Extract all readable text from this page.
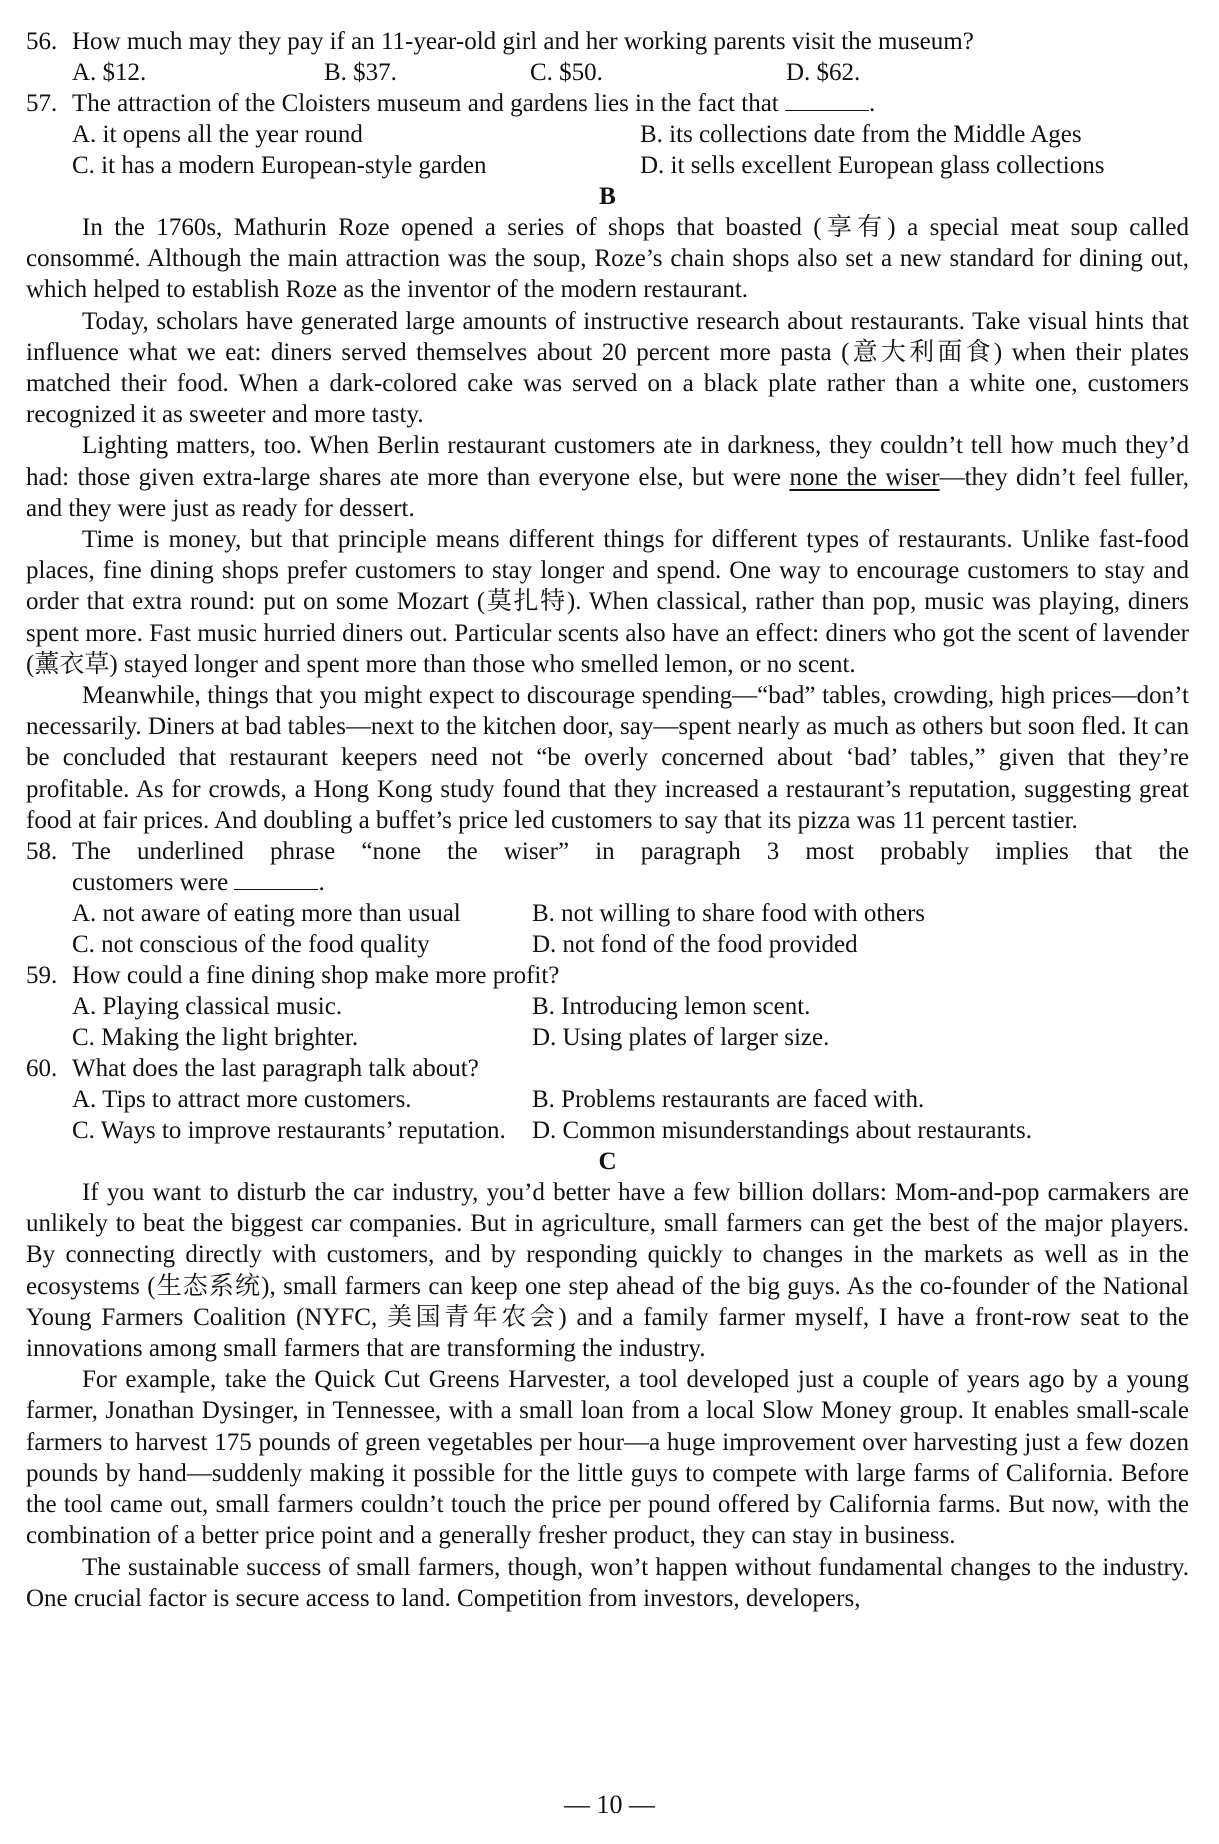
56. How much may they pay if an 11-year-old girl and her working parents visit the museum?
A. $12.	B. $37.	C. $50.	D. $62.
57. The attraction of the Cloisters museum and gardens lies in the fact that	.
A. it opens all the year round	B. its collections date from the Middle Ages
C. it has a modern European-style garden	D. it sells excellent European glass collections
B

In the 1760s, Mathurin Roze opened a series of shops that boasted (享有) a special meat soup called consommé. Although the main attraction was the soup, Roze’s chain shops also set a new standard for dining out, which helped to establish Roze as the inventor of the modern restaurant.

Today, scholars have generated large amounts of instructive research about restaurants. Take visual hints that influence what we eat: diners served themselves about 20 percent more pasta (意大利面食) when their plates matched their food. When a dark-colored cake was served on a black plate rather than a white one, customers recognized it as sweeter and more tasty.

Lighting matters, too. When Berlin restaurant customers ate in darkness, they couldn’t tell how much they’d had: those given extra-large shares ate more than everyone else, but were none the wiser—they didn’t feel fuller, and they were just as ready for dessert.

Time is money, but that principle means different things for different types of restaurants. Unlike fast-food places, fine dining shops prefer customers to stay longer and spend. One way to encourage customers to stay and order that extra round: put on some Mozart (莫扎特). When classical, rather than pop, music was playing, diners spent more. Fast music hurried diners out. Particular scents also have an effect: diners who got the scent of lavender (薰衣草) stayed longer and spent more than those who smelled lemon, or no scent.

Meanwhile, things that you might expect to discourage spending—“bad” tables, crowding, high prices—don’t necessarily. Diners at bad tables—next to the kitchen door, say—spent nearly as much as others but soon fled. It can be concluded that restaurant keepers need not “be overly concerned about ‘bad’ tables,” given that they’re profitable. As for crowds, a Hong Kong study found that they increased a restaurant’s reputation, suggesting great food at fair prices. And doubling a buffet’s price led customers to say that its pizza was 11 percent tastier.

58. The underlined phrase “none the wiser” in paragraph 3 most probably implies that the
customers were	.
A. not aware of eating more than usual	B. not willing to share food with others
C. not conscious of the food quality	D. not fond of the food provided
59. How could a fine dining shop make more profit?
A. Playing classical music.	B. Introducing lemon scent.
C. Making the light brighter.	D. Using plates of larger size.
60. What does the last paragraph talk about?
A. Tips to attract more customers.	B. Problems restaurants are faced with.
C. Ways to improve restaurants’ reputation.	D. Common misunderstandings about restaurants.
C

If you want to disturb the car industry, you’d better have a few billion dollars: Mom-and-pop carmakers are unlikely to beat the biggest car companies. But in agriculture, small farmers can get the best of the major players. By connecting directly with customers, and by responding quickly to changes in the markets as well as in the ecosystems (生态系统), small farmers can keep one step ahead of the big guys. As the co-founder of the National Young Farmers Coalition (NYFC, 美国青年农会) and a family farmer myself, I have a front-row seat to the innovations among small farmers that are transforming the industry.

For example, take the Quick Cut Greens Harvester, a tool developed just a couple of years ago by a young farmer, Jonathan Dysinger, in Tennessee, with a small loan from a local Slow Money group. It enables small-scale farmers to harvest 175 pounds of green vegetables per hour—a huge improvement over harvesting just a few dozen pounds by hand—suddenly making it possible for the little guys to compete with large farms of California. Before the tool came out, small farmers couldn’t touch the price per pound offered by California farms. But now, with the combination of a better price point and a generally fresher product, they can stay in business.

The sustainable success of small farmers, though, won’t happen without fundamental changes to the industry. One crucial factor is secure access to land. Competition from investors, developers,

— 10 —
